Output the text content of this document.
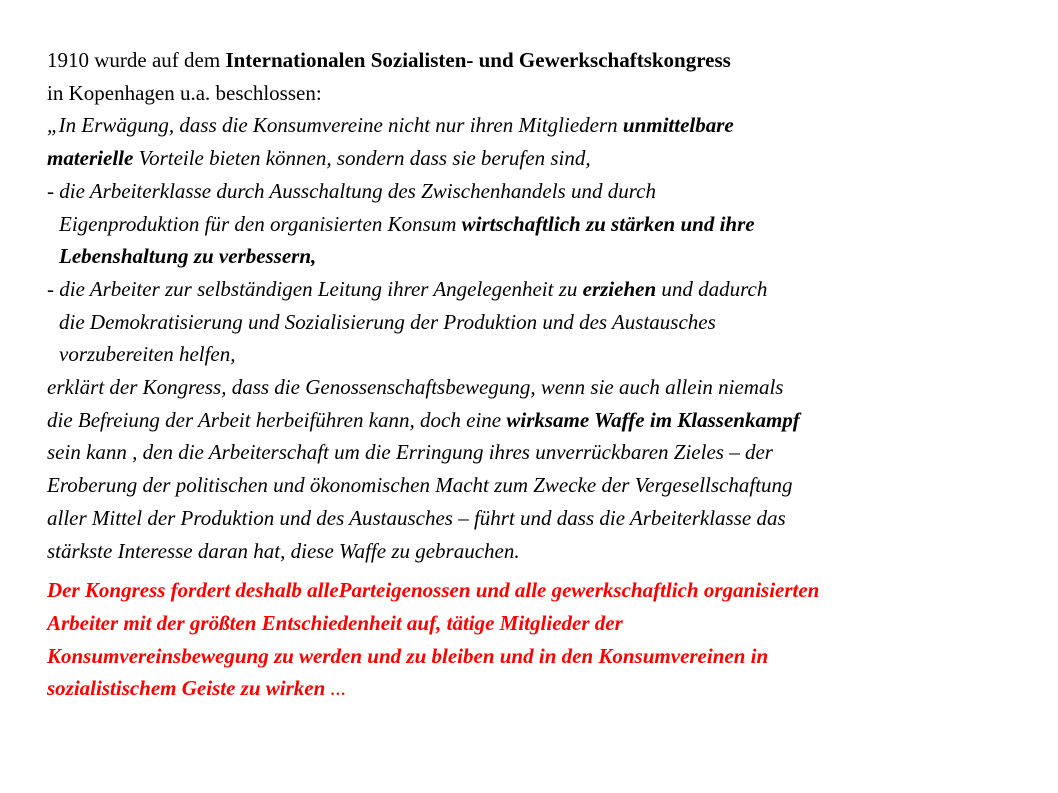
1910 wurde auf dem Internationalen Sozialisten- und Gewerkschaftskongress
in Kopenhagen u.a. beschlossen:
„In Erwägung, dass die Konsumvereine nicht nur ihren Mitgliedern unmittelbare
materielle Vorteile bieten können, sondern dass sie berufen sind,
- die Arbeiterklasse durch Ausschaltung des Zwischenhandels und durch
Eigenproduktion für den organisierten Konsum wirtschaftlich zu stärken und ihre
Lebenshaltung zu verbessern,
- die Arbeiter zur selbständigen Leitung ihrer Angelegenheit zu erziehen und dadurch
die Demokratisierung und Sozialisierung der Produktion und des Austausches
vorzubereiten helfen,
erklärt der Kongress, dass die Genossenschaftsbewegung, wenn sie auch allein niemals
die Befreiung der Arbeit herbeiführen kann, doch eine wirksame Waffe im Klassenkampf
sein kann , den die Arbeiterschaft um die Erringung ihres unverrückbaren Zieles – der
Eroberung der politischen und ökonomischen Macht zum Zwecke der Vergesellschaftung
aller Mittel der Produktion und des Austausches – führt und dass die Arbeiterklasse das
stärkste Interesse daran hat, diese Waffe zu gebrauchen.
Der Kongress fordert deshalb alleParteigenossen und alle gewerkschaftlich organisierten
Arbeiter mit der größten Entschiedenheit auf, tätige Mitglieder der
Konsumvereinsbewegung zu werden und zu bleiben und in den Konsumvereinen in
sozialistischem Geiste zu wirken ...
